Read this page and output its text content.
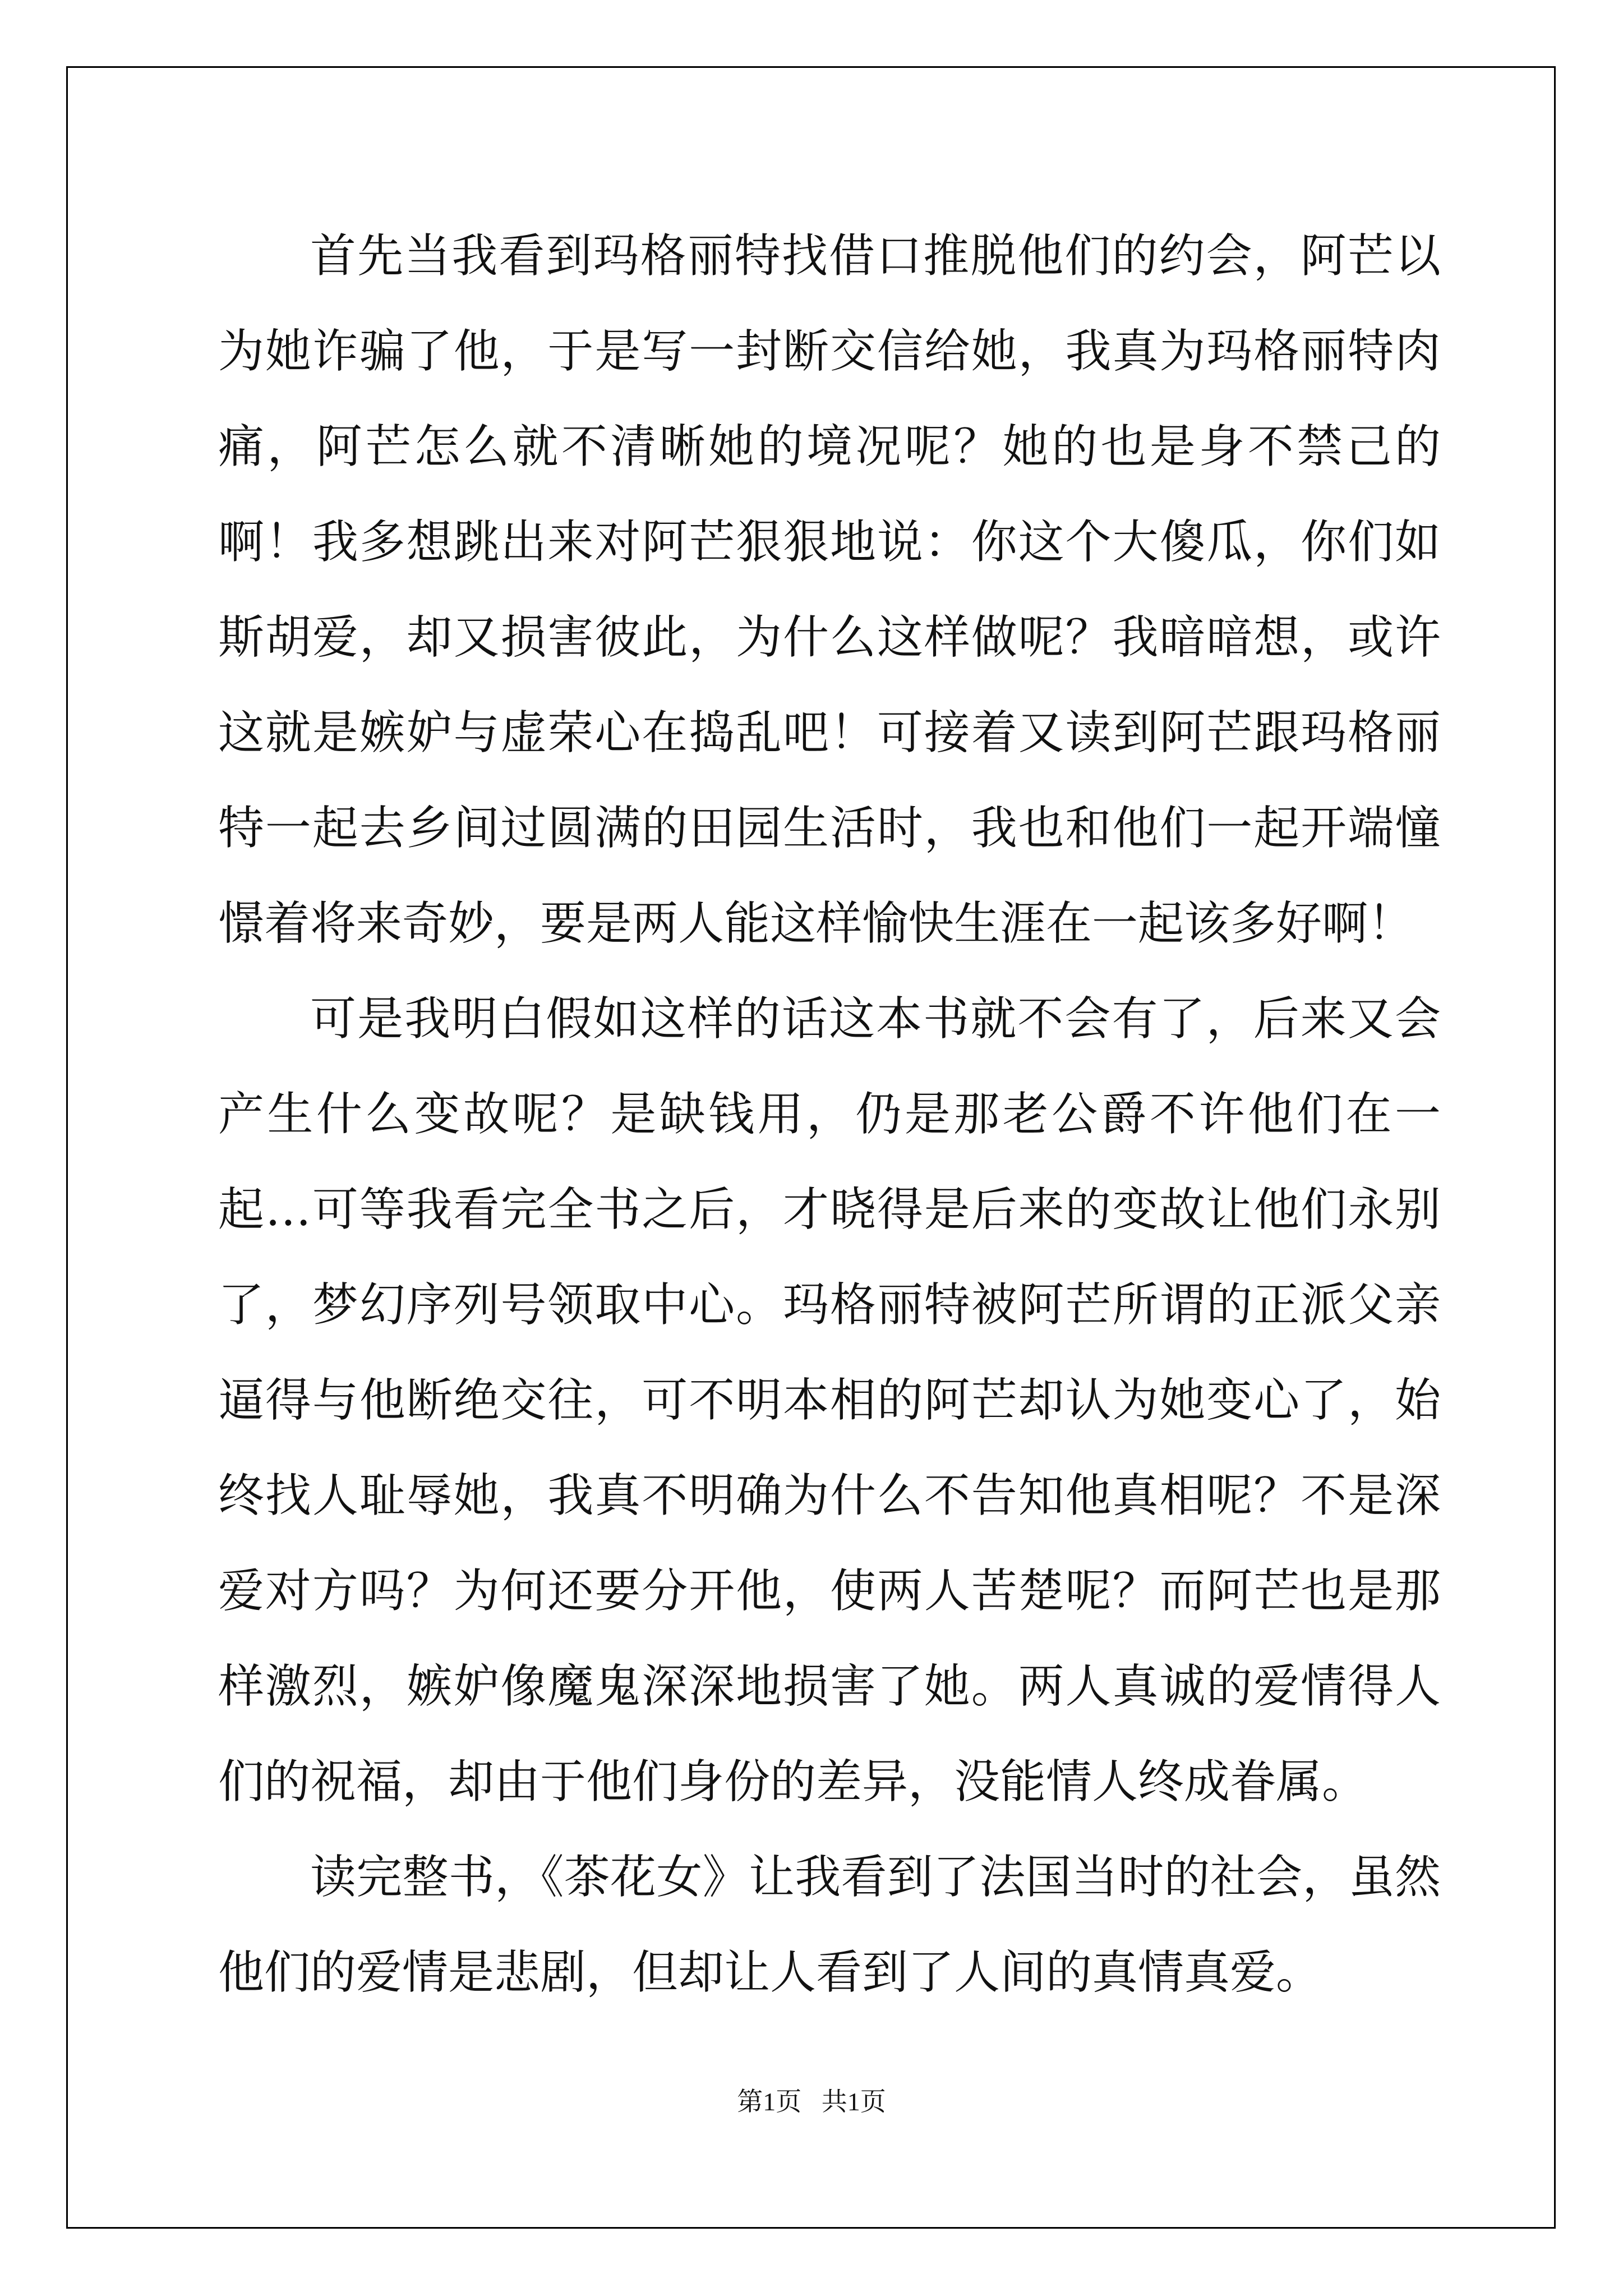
首先当我看到玛格丽特找借口推脱他们的约会，阿芒以为她诈骗了他，于是写一封断交信给她，我真为玛格丽特肉痛，阿芒怎么就不清晰她的境况呢？她的也是身不禁己的啊！我多想跳出来对阿芒狠狠地说：你这个大傻瓜，你们如斯胡爱，却又损害彼此，为什么这样做呢？我暗暗想，或许这就是嫉妒与虚荣心在捣乱吧！可接着又读到阿芒跟玛格丽特一起去乡间过圆满的田园生活时，我也和他们一起开端憧憬着将来奇妙，要是两人能这样愉快生涯在一起该多好啊！

可是我明白假如这样的话这本书就不会有了，后来又会产生什么变故呢？是缺钱用，仍是那老公爵不许他们在一起…可等我看完全书之后，才晓得是后来的变故让他们永别了，梦幻序列号领取中心。玛格丽特被阿芒所谓的正派父亲逼得与他断绝交往，可不明本相的阿芒却认为她变心了，始终找人耻辱她，我真不明确为什么不告知他真相呢？不是深爱对方吗？为何还要分开他，使两人苦楚呢？而阿芒也是那样激烈，嫉妒像魔鬼深深地损害了她。两人真诚的爱情得人们的祝福，却由于他们身份的差异，没能情人终成眷属。

读完整书，《茶花女》让我看到了法国当时的社会，虽然他们的爱情是悲剧，但却让人看到了人间的真情真爱。

第1页 共1页
